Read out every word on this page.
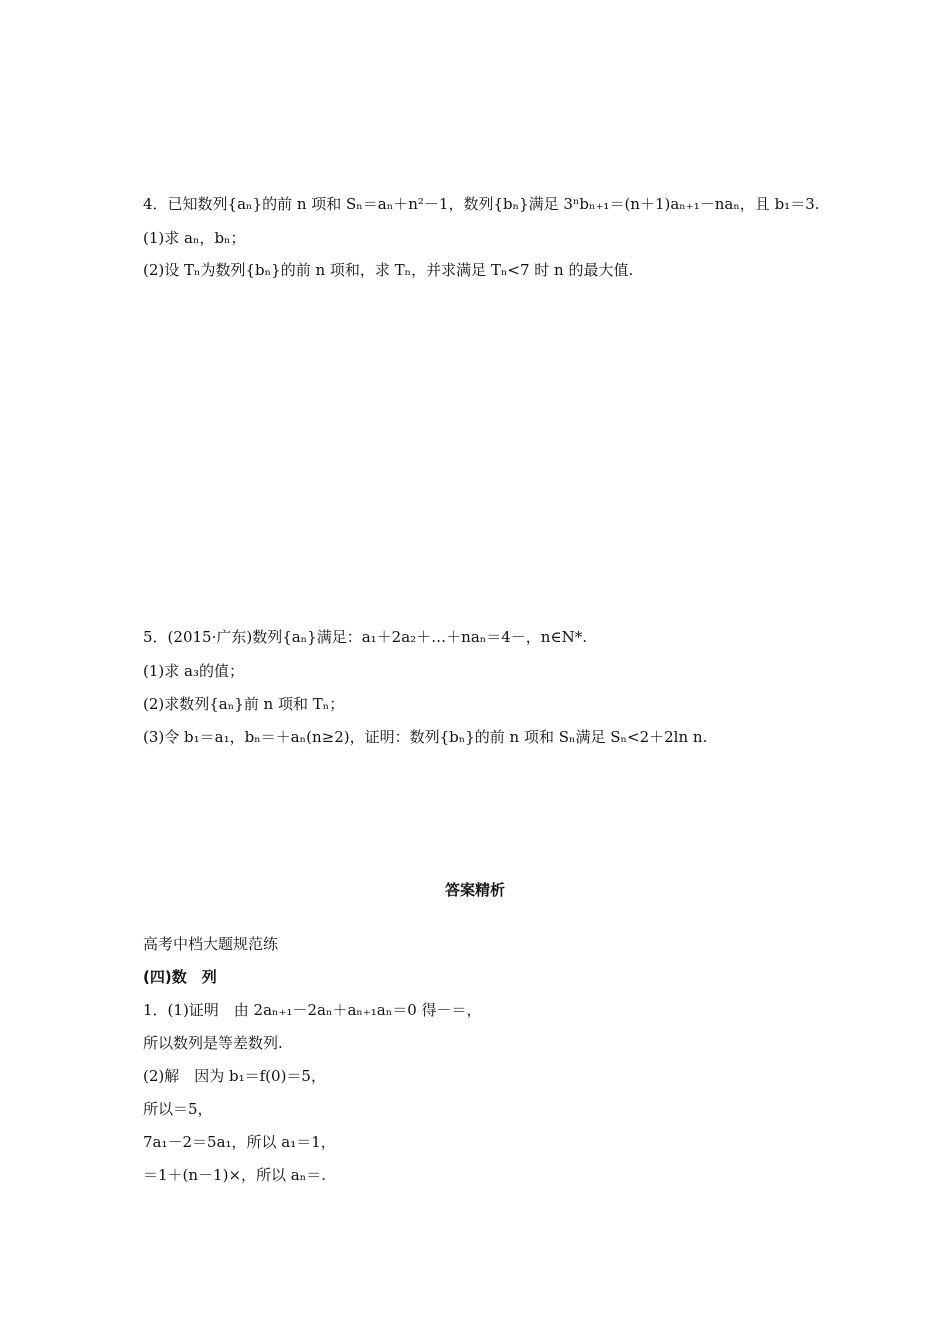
4．已知数列{aₙ}的前 n 项和 Sₙ＝aₙ＋n²－1，数列{bₙ}满足 3ⁿbₙ₊₁＝(n＋1)aₙ₊₁－naₙ，且 b₁＝3.
(1)求 aₙ，bₙ；
(2)设 Tₙ为数列{bₙ}的前 n 项和，求 Tₙ，并求满足 Tₙ<7 时 n 的最大值.
5．(2015·广东)数列{aₙ}满足：a₁＋2a₂＋…＋naₙ＝4－，n∈N*.
(1)求 a₃的值；
(2)求数列{aₙ}前 n 项和 Tₙ；
(3)令 b₁＝a₁，bₙ＝＋aₙ(n≥2)，证明：数列{bₙ}的前 n 项和 Sₙ满足 Sₙ<2＋2ln n.
答案精析
高考中档大题规范练
(四)数　列
1．(1)证明　由 2aₙ₊₁－2aₙ＋aₙ₊₁aₙ＝0 得－＝，
所以数列是等差数列.
(2)解　因为 b₁＝f(0)＝5，
所以＝5，
7a₁－2＝5a₁，所以 a₁＝1，
＝1＋(n－1)×，所以 aₙ＝.
